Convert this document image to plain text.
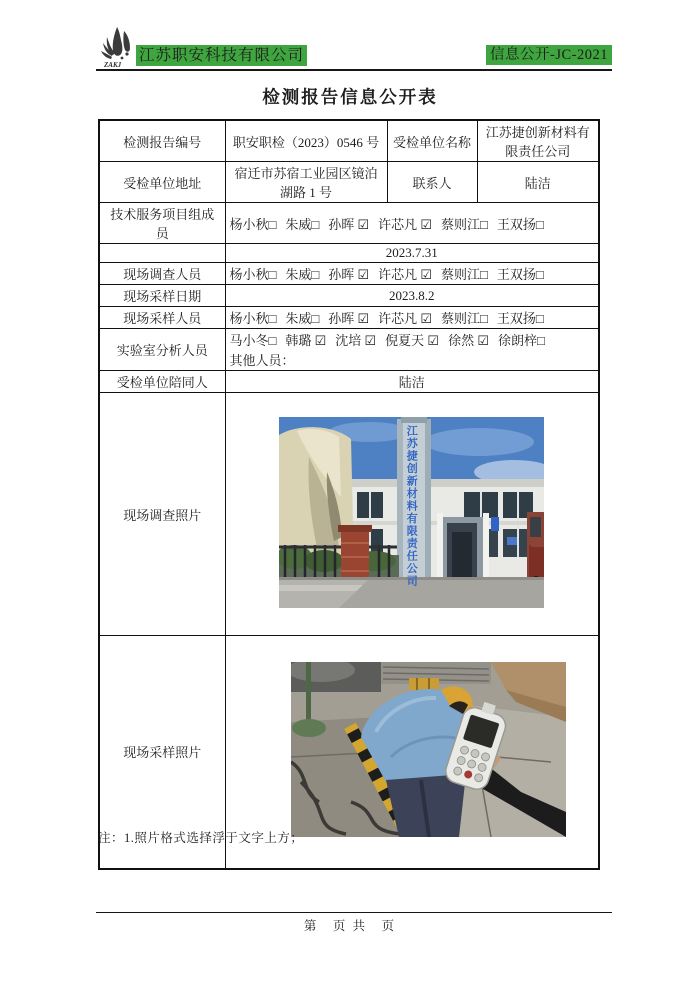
ZAKJ
江苏职安科技有限公司	信息公开-JC-2021
检测报告信息公开表
检测报告编号	职安职检（2023）0546 号	受检单位名称	江苏捷创新材料有限责任公司
受检单位地址	宿迁市苏宿工业园区镜泊湖路 1 号	联系人	陆洁
技术服务项目组成员	杨小秋□ 朱威□ 孙晖 ☑ 许芯凡 ☑ 蔡则江□ 王双扬□		
	2023.7.31		
现场调查人员	杨小秋□ 朱威□ 孙晖 ☑ 许芯凡 ☑ 蔡则江□ 王双扬□		
现场采样日期	2023.8.2		
现场采样人员	杨小秋□ 朱威□ 孙晖 ☑ 许芯凡 ☑ 蔡则江□ 王双扬□		
实验室分析人员	马小冬□ 韩璐 ☑ 沈培 ☑ 倪夏天 ☑ 徐然 ☑ 徐朗梓□
其他人员：		

受检单位陪同人	陆洁		
现场调查照片	江苏捷创新材料有限责任公司		

现场采样照片	
注：1.照片格式选择浮于文字上方；
第　页 共　页
